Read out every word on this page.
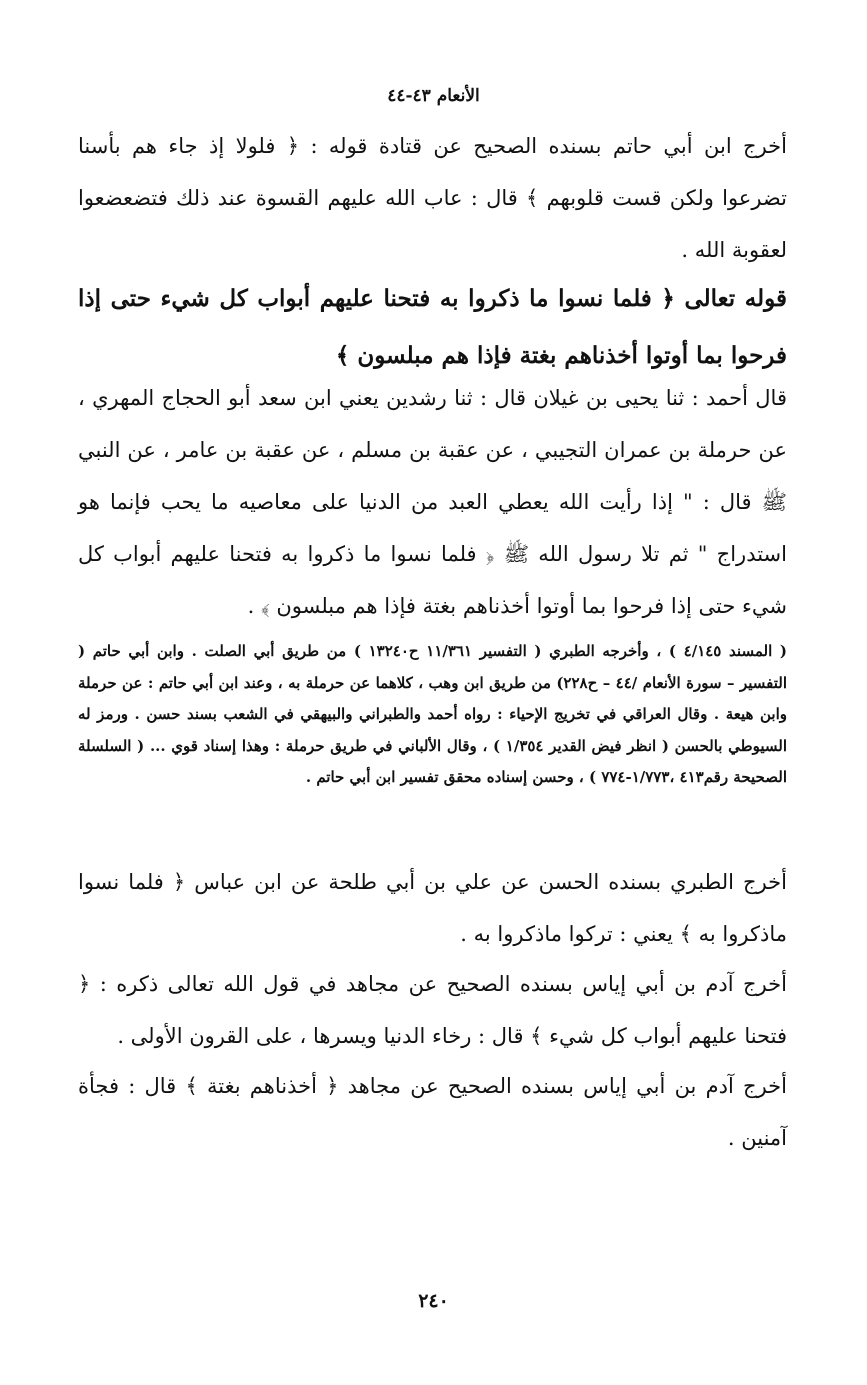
الأنعام ٤٣-٤٤

أخرج ابن أبي حاتم بسنده الصحيح عن قتادة قوله : ﴿ فلولا إذ جاء هم بأسنا تضرعوا ولكن قست قلوبهم ﴾ قال : عاب الله عليهم القسوة عند ذلك فتضعضعوا لعقوبة الله .

قوله تعالى ﴿ فلما نسوا ما ذكروا به فتحنا عليهم أبواب كل شيء حتى إذا فرحوا بما أوتوا أخذناهم بغتة فإذا هم مبلسون ﴾

قال أحمد : ثنا يحيى بن غيلان قال : ثنا رشدين يعني ابن سعد أبو الحجاج المهري ، عن حرملة بن عمران التجيبي ، عن عقبة بن مسلم ، عن عقبة بن عامر ، عن النبي ﷺ قال : " إذا رأيت الله يعطي العبد من الدنيا على معاصيه ما يحب فإنما هو استدراج " ثم تلا رسول الله ﷺ ﴿ فلما نسوا ما ذكروا به فتحنا عليهم أبواب كل شيء حتى إذا فرحوا بما أوتوا أخذناهم بغتة فإذا هم مبلسون ﴾ .

( المسند ٤/١٤٥ ) ، وأخرجه الطبري ( التفسير ١١/٣٦١ ح١٣٢٤٠ ) من طريق أبي الصلت . وابن أبي حاتم ( التفسير – سورة الأنعام /٤٤ – ح٢٢٨) من طريق ابن وهب ، كلاهما عن حرملة به ، وعند ابن أبي حاتم : عن حرملة وابن هيعة . وقال العراقي في تخريج الإحياء : رواه أحمد والطبراني والبيهقي في الشعب بسند حسن . ورمز له السيوطي بالحسن ( انظر فيض القدير ١/٣٥٤ ) ، وقال الألباني في طريق حرملة : وهذا إسناد قوي ... ( السلسلة الصحيحة رقم٤١٣ ،١/٧٧٣-٧٧٤ ) ، وحسن إسناده محقق تفسير ابن أبي حاتم .

أخرج الطبري بسنده الحسن عن علي بن أبي طلحة عن ابن عباس ﴿ فلما نسوا ماذكروا به ﴾ يعني : تركوا ماذكروا به .

أخرج آدم بن أبي إياس بسنده الصحيح عن مجاهد في قول الله تعالى ذكره : ﴿ فتحنا عليهم أبواب كل شيء ﴾ قال : رخاء الدنيا ويسرها ، على القرون الأولى .

أخرج آدم بن أبي إياس بسنده الصحيح عن مجاهد ﴿ أخذناهم بغتة ﴾ قال : فجأة آمنين .

٢٤٠
